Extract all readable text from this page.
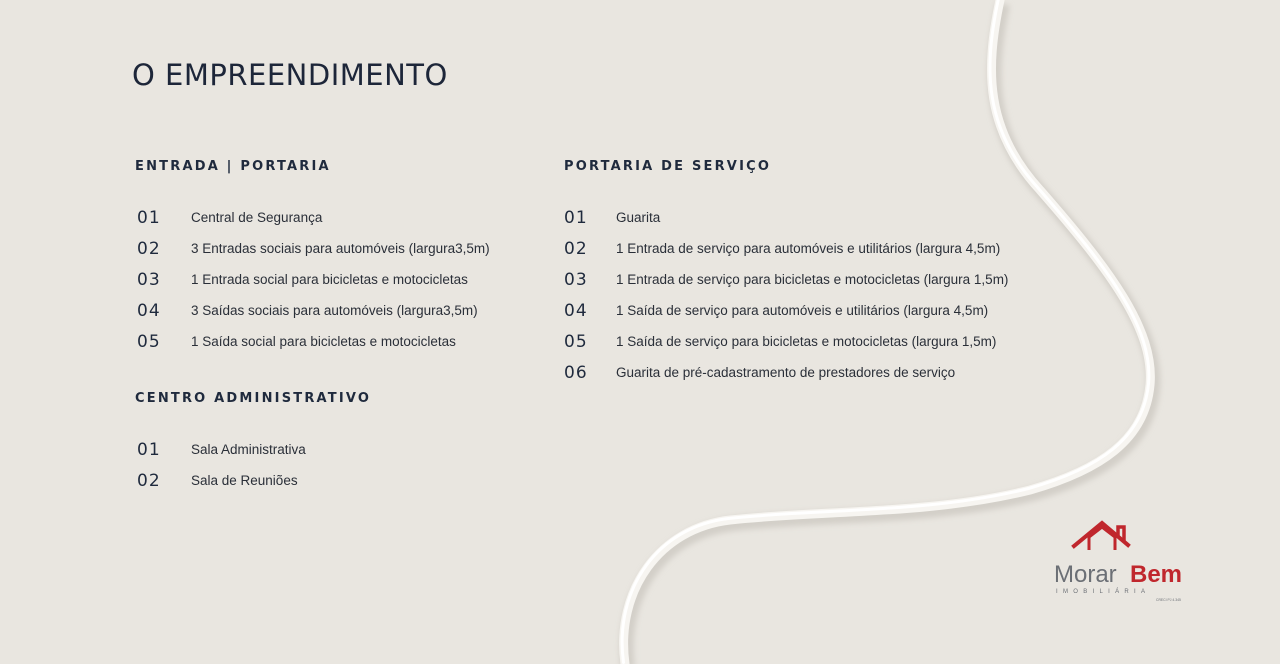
O EMPREENDIMENTO
ENTRADA | PORTARIA
01	Central de Segurança
02	3 Entradas sociais para automóveis (largura3,5m)
03	1 Entrada social para bicicletas e motocicletas
04	3 Saídas sociais para automóveis (largura3,5m)
05	1 Saída social para bicicletas e motocicletas
CENTRO ADMINISTRATIVO
01	Sala Administrativa
02	Sala de Reuniões
PORTARIA DE SERVIÇO
01	Guarita
02	1 Entrada de serviço para automóveis e utilitários (largura 4,5m)
03	1 Entrada de serviço para bicicletas e motocicletas (largura 1,5m)
04	1 Saída de serviço para automóveis e utilitários (largura 4,5m)
05	1 Saída de serviço para bicicletas e motocicletas (largura 1,5m)
06	Guarita de pré-cadastramento de prestadores de serviço
Morar Bem
IMOBILIÁRIA
CRECI PJ 4.345
